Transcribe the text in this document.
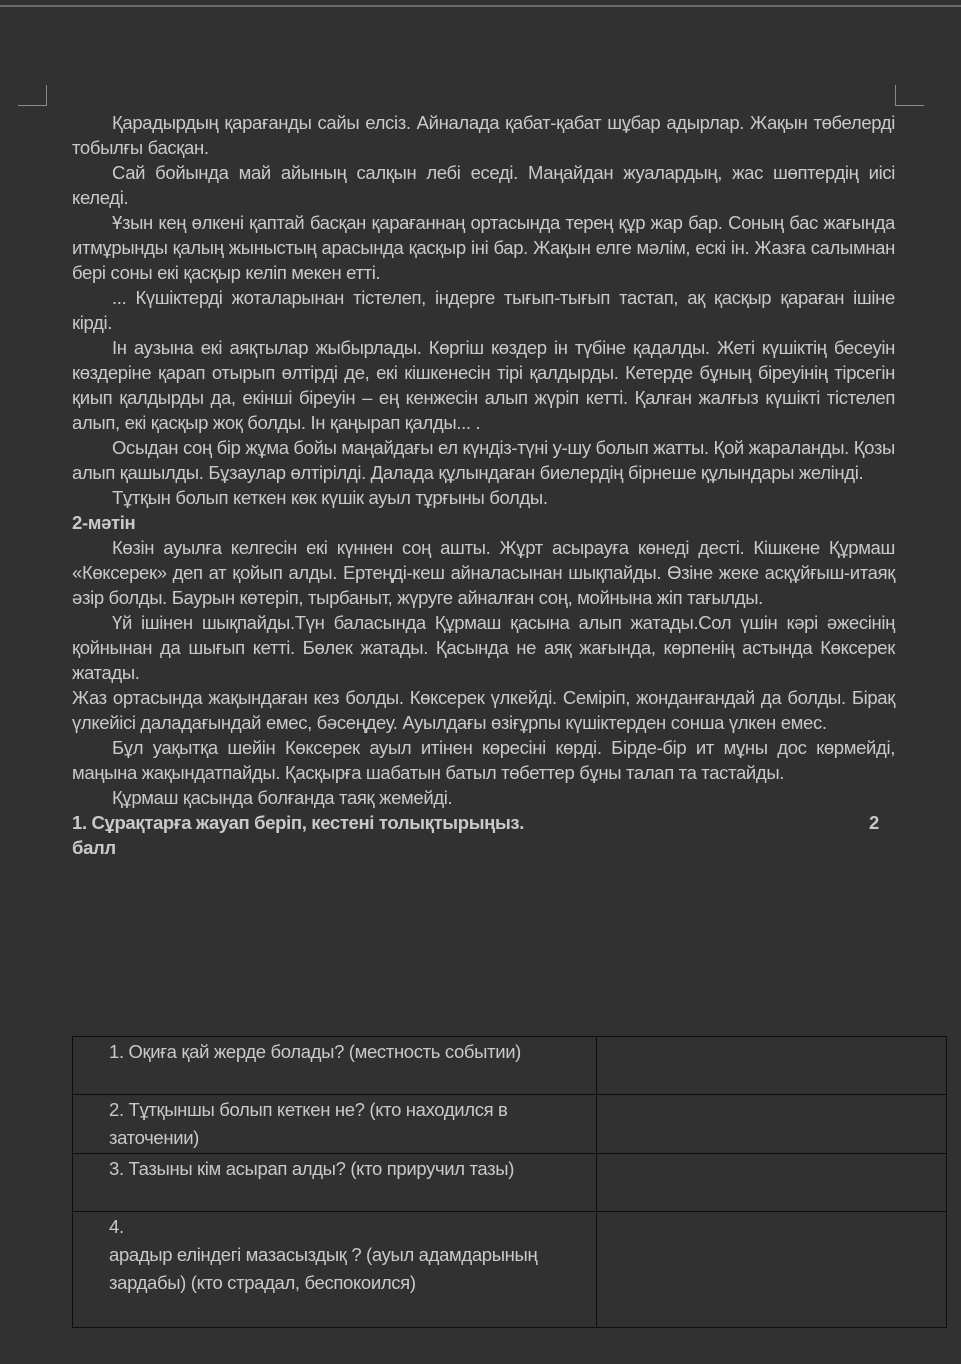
Қарадырдың қарағанды сайы елсіз. Айналада қабат-қабат шұбар адырлар. Жақын төбелерді тобылғы басқан.

Сай бойында май айының салқын лебі еседі. Маңайдан жуалардың, жас шөптердің иісі келеді.

Ұзын кең өлкені қаптай басқан қарағаннаң ортасында терең құр жар бар. Соның бас жағында итмұрынды қалың жыныстың арасында қасқыр іні бар. Жақын елге мәлім, ескі ін. Жазға салымнан бері соны екі қасқыр келіп мекен етті.

... Күшіктерді жоталарынан тістелеп, індерге тығып-тығып тастап, ақ қасқыр қараған ішіне кірді.

Ін аузына екі аяқтылар жыбырлады. Көргіш көздер ін түбіне қадалды. Жеті күшіктің бесеуін көздеріне қарап отырып өлтірді де, екі кішкенесін тірі қалдырды. Кетерде бұның біреуінің тірсегін қиып қалдырды да, екінші біреуін – ең кенжесін алып жүріп кетті. Қалған жалғыз күшікті тістелеп алып, екі қасқыр жоқ болды. Ін қаңырап қалды... .

Осыдан соң бір жұма бойы маңайдағы ел күндіз-түні у-шу болып жатты. Қой жараланды. Қозы алып қашылды. Бұзаулар өлтірілді. Далада құлындаған биелердің бірнеше құлындары желінді.

Тұтқын болып кеткен көк күшік ауыл тұрғыны болды.

2-мәтін

Көзін ауылға келгесін екі күннен соң ашты. Жұрт асырауға көнеді десті. Кішкене Құрмаш «Көксерек» деп ат қойып алды. Ертеңді-кеш айналасынан шықпайды. Өзіне жеке асқұйғыш-итаяқ әзір болды. Баурын көтеріп, тырбаныт, жүруге айналған соң, мойнына жіп тағылды.

Үй ішінен шықпайды.Түн баласында Құрмаш қасына алып жатады.Сол үшін кәрі әжесінің қойнынан да шығып кетті. Бөлек жатады. Қасында не аяқ жағында, көрпенің астында Көксерек жатады.

Жаз ортасында жақындаған кез болды. Көксерек үлкейді. Семіріп, жонданғандай да болды. Бірақ үлкейісі даладағындай емес, бәсеңдеу. Ауылдағы өзіғұрпы күшіктерден сонша үлкен емес.

Бұл уақытқа шейін Көксерек ауыл итінен көресіні көрді. Бірде-бір ит мұны дос көрмейді, маңына жақындатпайды. Қасқырға шабатын батыл төбеттер бұны талап та тастайды.

Құрмаш қасында болғанда таяқ жемейді.

1. Сұрақтарға жауап беріп, кестені толықтырыңыз.	2

балл

1. Оқиға қай жерде болады? (местность событии)	
2. Тұтқыншы болып кеткен не? (кто находился в заточении)	
3. Тазыны кім асырап алды? (кто приручил тазы)	

4.
арадыр еліндегі мазасыздық ? (ауыл адамдарының зардабы) (кто страдал, беспокоился)	
